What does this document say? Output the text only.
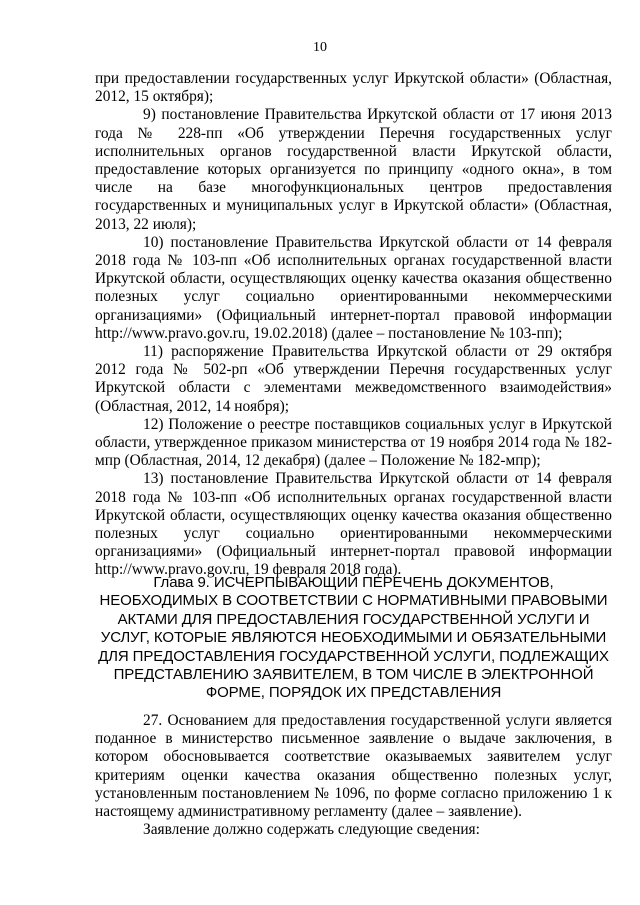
10

при предоставлении государственных услуг Иркутской области» (Областная, 2012, 15 октября);

9) постановление Правительства Иркутской области от 17 июня 2013 года № 228-пп «Об утверждении Перечня государственных услуг исполнительных органов государственной власти Иркутской области, предоставление которых организуется по принципу «одного окна», в том числе на базе многофункциональных центров предоставления государственных и муниципальных услуг в Иркутской области» (Областная, 2013, 22 июля);

10) постановление Правительства Иркутской области от 14 февраля 2018 года № 103-пп «Об исполнительных органах государственной власти Иркутской области, осуществляющих оценку качества оказания общественно полезных услуг социально ориентированными некоммерческими организациями» (Официальный интернет-портал правовой информации http://www.pravo.gov.ru, 19.02.2018) (далее – постановление № 103-пп);

11) распоряжение Правительства Иркутской области от 29 октября 2012 года № 502-рп «Об утверждении Перечня государственных услуг Иркутской области с элементами межведомственного взаимодействия» (Областная, 2012, 14 ноября);

12) Положение о реестре поставщиков социальных услуг в Иркутской области, утвержденное приказом министерства от 19 ноября 2014 года № 182-мпр (Областная, 2014, 12 декабря) (далее – Положение № 182-мпр);

13) постановление Правительства Иркутской области от 14 февраля 2018 года № 103-пп «Об исполнительных органах государственной власти Иркутской области, осуществляющих оценку качества оказания общественно полезных услуг социально ориентированными некоммерческими организациями» (Официальный интернет-портал правовой информации http://www.pravo.gov.ru, 19 февраля 2018 года).

Глава 9. ИСЧЕРПЫВАЮЩИЙ ПЕРЕЧЕНЬ ДОКУМЕНТОВ,

НЕОБХОДИМЫХ В СООТВЕТСТВИИ С НОРМАТИВНЫМИ ПРАВОВЫМИ АКТАМИ ДЛЯ ПРЕДОСТАВЛЕНИЯ ГОСУДАРСТВЕННОЙ УСЛУГИ И УСЛУГ, КОТОРЫЕ ЯВЛЯЮТСЯ НЕОБХОДИМЫМИ И ОБЯЗАТЕЛЬНЫМИ ДЛЯ ПРЕДОСТАВЛЕНИЯ ГОСУДАРСТВЕННОЙ УСЛУГИ, ПОДЛЕЖАЩИХ ПРЕДСТАВЛЕНИЮ ЗАЯВИТЕЛЕМ, В ТОМ ЧИСЛЕ В ЭЛЕКТРОННОЙ ФОРМЕ, ПОРЯДОК ИХ ПРЕДСТАВЛЕНИЯ

27. Основанием для предоставления государственной услуги является поданное в министерство письменное заявление о выдаче заключения, в котором обосновывается соответствие оказываемых заявителем услуг критериям оценки качества оказания общественно полезных услуг, установленным постановлением № 1096, по форме согласно приложению 1 к настоящему административному регламенту (далее – заявление).

Заявление должно содержать следующие сведения:
